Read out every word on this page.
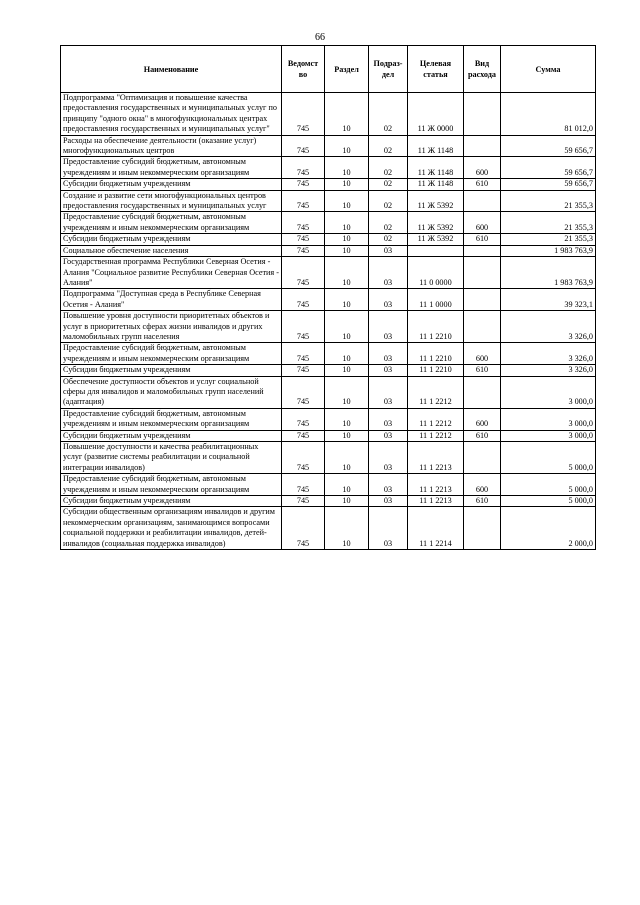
66
Наименование	Ведомст во	Раздел	Подраз- дел	Целевая статья	Вид расхода	Сумма
Подпрограмма "Оптимизация и повышение качества предоставления государственных и муниципальных услуг по принципу "одного окна" в многофункциональных центрах предоставления государственных и муниципальных услуг"	745	10	02	11 Ж 0000		81 012,0
Расходы на обеспечение деятельности (оказание услуг) многофункциональных центров	745	10	02	11 Ж 1148		59 656,7
Предоставление субсидий бюджетным, автономным учреждениям и иным некоммерческим организациям	745	10	02	11 Ж 1148	600	59 656,7
Субсидии бюджетным учреждениям	745	10	02	11 Ж 1148	610	59 656,7
Создание и развитие сети многофункциональных центров предоставления государственных и муниципальных услуг	745	10	02	11 Ж 5392		21 355,3
Предоставление субсидий бюджетным, автономным учреждениям и иным некоммерческим организациям	745	10	02	11 Ж 5392	600	21 355,3
Субсидии бюджетным учреждениям	745	10	02	11 Ж 5392	610	21 355,3
Социальное обеспечение населения	745	10	03			1 983 763,9
Государственная программа Республики Северная Осетия - Алания "Социальное развитие Республики Северная Осетия - Алания"	745	10	03	11 0 0000		1 983 763,9
Подпрограмма "Доступная среда в Республике Северная Осетия - Алания"	745	10	03	11 1 0000		39 323,1
Повышение уровня доступности приоритетных объектов и услуг в приоритетных сферах жизни инвалидов и других маломобильных групп населения	745	10	03	11 1 2210		3 326,0
Предоставление субсидий бюджетным, автономным учреждениям и иным некоммерческим организациям	745	10	03	11 1 2210	600	3 326,0
Субсидии бюджетным учреждениям	745	10	03	11 1 2210	610	3 326,0
Обеспечение доступности объектов и услуг социальной сферы для инвалидов и маломобильных групп населений (адаптация)	745	10	03	11 1 2212		3 000,0
Предоставление субсидий бюджетным, автономным учреждениям и иным некоммерческим организациям	745	10	03	11 1 2212	600	3 000,0
Субсидии бюджетным учреждениям	745	10	03	11 1 2212	610	3 000,0
Повышение доступности и качества реабилитационных услуг (развитие системы реабилитации и социальной интеграции инвалидов)	745	10	03	11 1 2213		5 000,0
Предоставление субсидий бюджетным, автономным учреждениям и иным некоммерческим организациям	745	10	03	11 1 2213	600	5 000,0
Субсидии бюджетным учреждениям	745	10	03	11 1 2213	610	5 000,0
Субсидии общественным организациям инвалидов и другим некоммерческим организациям, занимающимся вопросами социальной поддержки и реабилитации инвалидов, детей-инвалидов (социальная поддержка инвалидов)	745	10	03	11 1 2214		2 000,0
